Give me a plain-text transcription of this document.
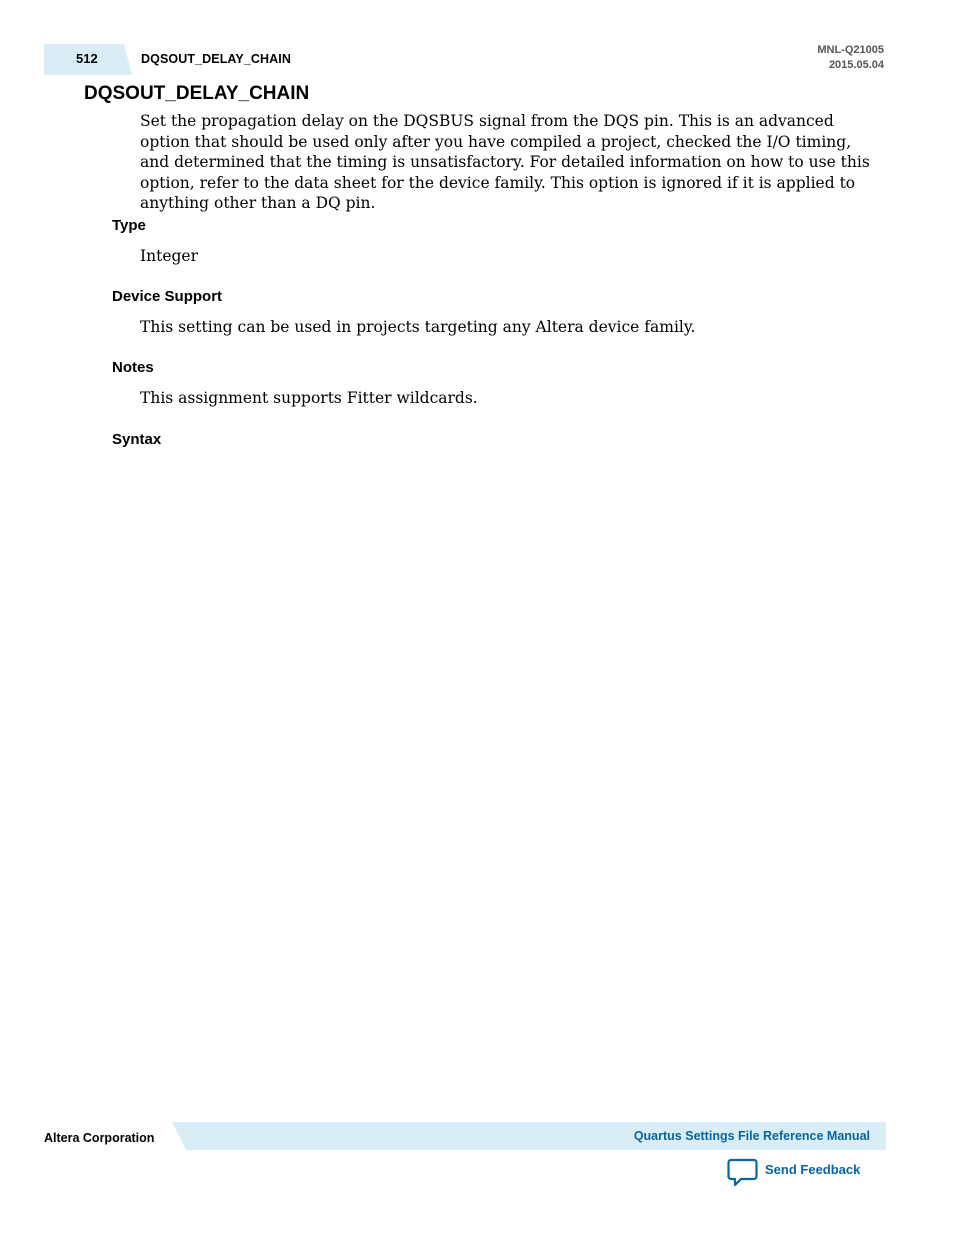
512	DQSOUT_DELAY_CHAIN
MNL-Q21005
2015.05.04
DQSOUT_DELAY_CHAIN

Set the propagation delay on the DQSBUS signal from the DQS pin. This is an advanced option that should be used only after you have compiled a project, checked the I/O timing, and determined that the timing is unsatisfactory. For detailed information on how to use this option, refer to the data sheet for the device family. This option is ignored if it is applied to anything other than a DQ pin.

Type

Integer

Device Support

This setting can be used in projects targeting any Altera device family.

Notes

This assignment supports Fitter wildcards.

Syntax
Altera Corporation	Quartus Settings File Reference Manual
Send Feedback
